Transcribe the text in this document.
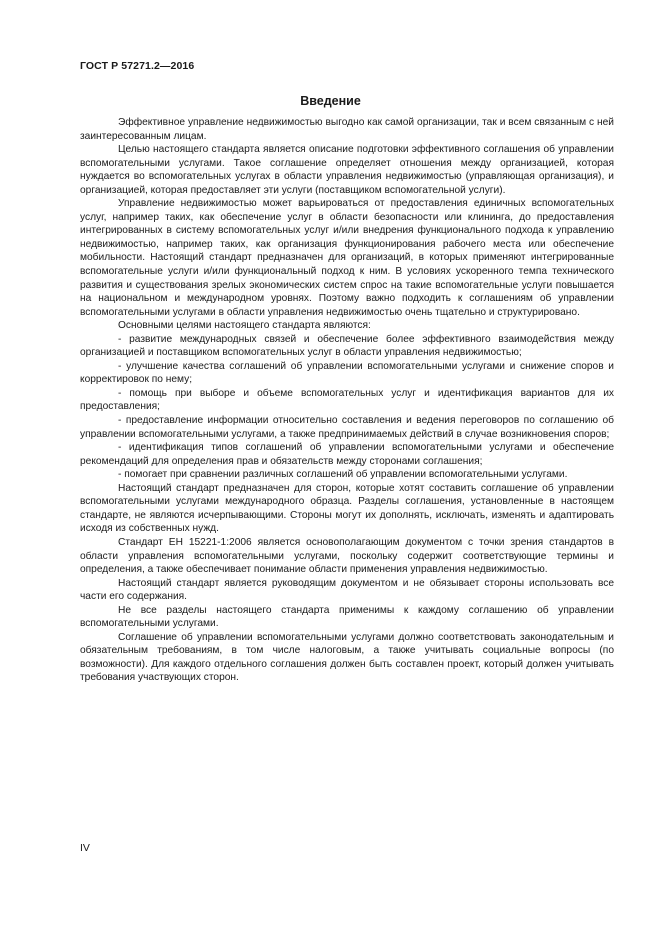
ГОСТ Р 57271.2—2016
Введение

Эффективное управление недвижимостью выгодно как самой организации, так и всем связанным с ней заинтересованным лицам.

Целью настоящего стандарта является описание подготовки эффективного соглашения об управлении вспомогательными услугами. Такое соглашение определяет отношения между организацией, которая нуждается во вспомогательных услугах в области управления недвижимостью (управляющая организация), и организацией, которая предоставляет эти услуги (поставщиком вспомогательной услуги).

Управление недвижимостью может варьироваться от предоставления единичных вспомогательных услуг, например таких, как обеспечение услуг в области безопасности или клининга, до предоставления интегрированных в систему вспомогательных услуг и/или внедрения функционального подхода к управлению недвижимостью, например таких, как организация функционирования рабочего места или обеспечение мобильности. Настоящий стандарт предназначен для организаций, в которых применяют интегрированные вспомогательные услуги и/или функциональный подход к ним. В условиях ускоренного темпа технического развития и существования зрелых экономических систем спрос на такие вспомогательные услуги повышается на национальном и международном уровнях. Поэтому важно подходить к соглашениям об управлении вспомогательными услугами в области управления недвижимостью очень тщательно и структурировано.

Основными целями настоящего стандарта являются:

- развитие международных связей и обеспечение более эффективного взаимодействия между организацией и поставщиком вспомогательных услуг в области управления недвижимостью;

- улучшение качества соглашений об управлении вспомогательными услугами и снижение споров и корректировок по нему;

- помощь при выборе и объеме вспомогательных услуг и идентификация вариантов для их предоставления;

- предоставление информации относительно составления и ведения переговоров по соглашению об управлении вспомогательными услугами, а также предпринимаемых действий в случае возникновения споров;

- идентификация типов соглашений об управлении вспомогательными услугами и обеспечение рекомендаций для определения прав и обязательств между сторонами соглашения;

- помогает при сравнении различных соглашений об управлении вспомогательными услугами.

Настоящий стандарт предназначен для сторон, которые хотят составить соглашение об управлении вспомогательными услугами международного образца. Разделы соглашения, установленные в настоящем стандарте, не являются исчерпывающими. Стороны могут их дополнять, исключать, изменять и адаптировать исходя из собственных нужд.

Стандарт ЕН 15221-1:2006 является основополагающим документом с точки зрения стандартов в области управления вспомогательными услугами, поскольку содержит соответствующие термины и определения, а также обеспечивает понимание области применения управления недвижимостью.

Настоящий стандарт является руководящим документом и не обязывает стороны использовать все части его содержания.

Не все разделы настоящего стандарта применимы к каждому соглашению об управлении вспомогательными услугами.

Соглашение об управлении вспомогательными услугами должно соответствовать законодательным и обязательным требованиям, в том числе налоговым, а также учитывать социальные вопросы (по возможности). Для каждого отдельного соглашения должен быть составлен проект, который должен учитывать требования участвующих сторон.

IV
